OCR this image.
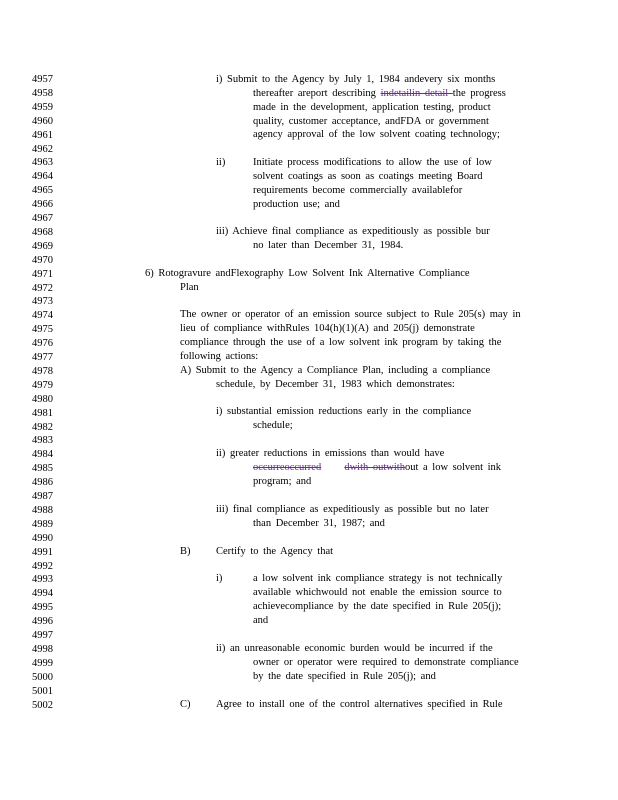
4957
4958
4959
4960
4961
4962
4963
4964
4965
4966
4967
4968
4969
4970
4971
4972
4973
4974
4975
4976
4977
4978
4979
4980
4981
4982
4983
4984
4985
4986
4987
4988
4989
4990
4991
4992
4993
4994
4995
4996
4997
4998
4999
5000
5001
5002
i) Submit to the Agency by July 1, 1984 andevery six months
thereafter areport describing indetailin detail the progress
made in the development, application testing, product
quality, customer acceptance, andFDA or government
agency approval of the low solvent coating technology;
ii)	Initiate process modifications to allow the use of low
solvent coatings as soon as coatings meeting Board
requirements become commercially availablefor
production use; and
iii) Achieve final compliance as expeditiously as possible bur
no later than December 31, 1984.
6) Rotogravure andFlexography Low Solvent Ink Alternative Compliance
Plan
The owner or operator of an emission source subject to Rule 205(s) may in
lieu of compliance withRules 104(h)(1)(A) and 205(j) demonstrate
compliance through the use of a low solvent ink program by taking the
following actions:
A) Submit to the Agency a Compliance Plan, including a compliance
schedule, by December 31, 1983 which demonstrates:
i) substantial emission reductions early in the compliance
schedule;
ii) greater reductions in emissions than would have
occurreoccurred dwith outwithout a low solvent ink
program; and
iii) final compliance as expeditiously as possible but no later
than December 31, 1987; and
B) Certify to the Agency that
i)	a low solvent ink compliance strategy is not technically
available whichwould not enable the emission source to
achievecompliance by the date specified in Rule 205(j);
and
ii) an unreasonable economic burden would be incurred if the
owner or operator were required to demonstrate compliance
by the date specified in Rule 205(j); and
C) Agree to install one of the control alternatives specified in Rule
